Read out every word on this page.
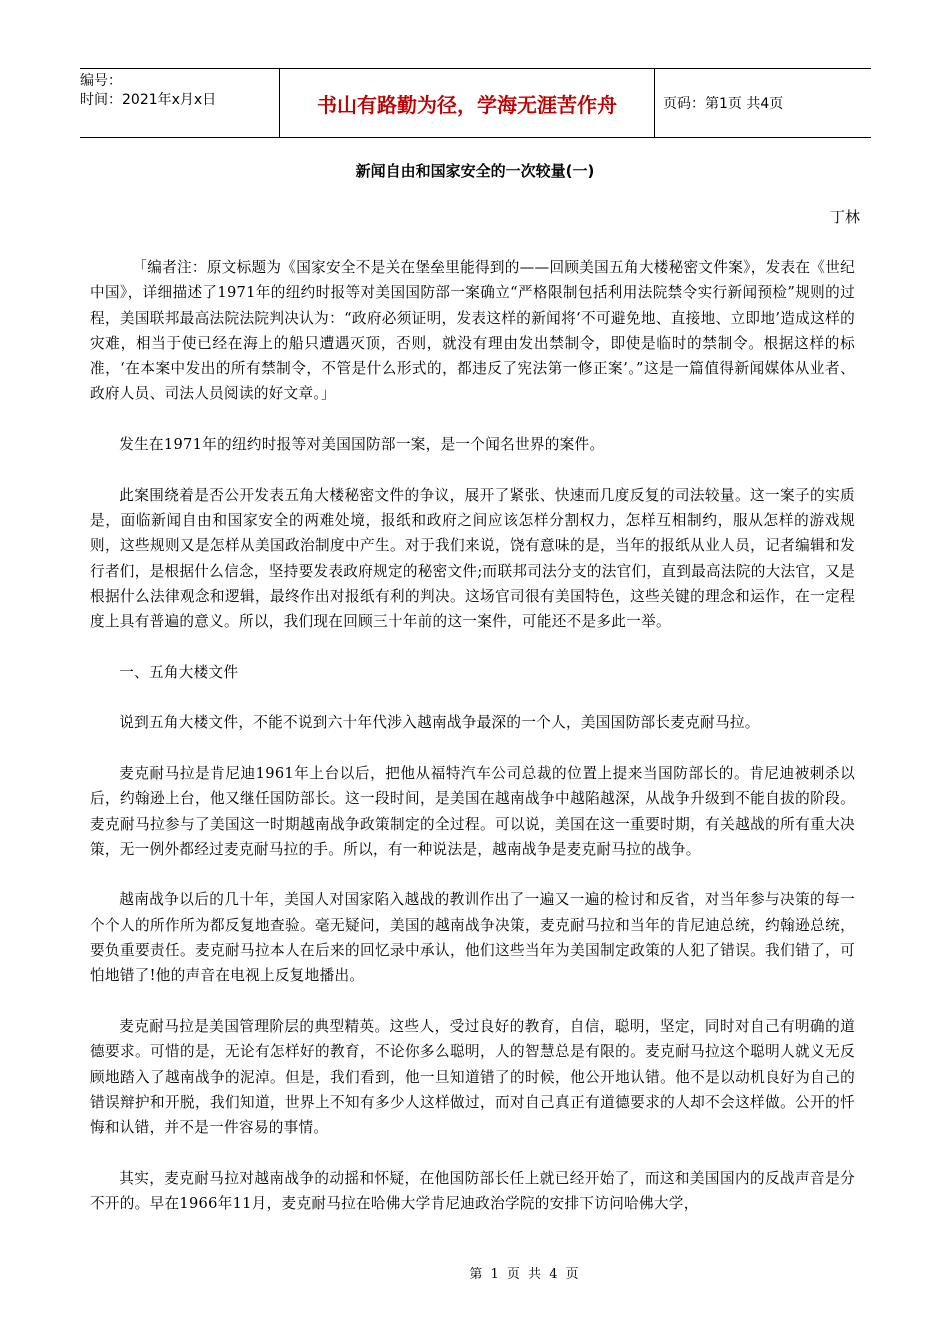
编号：
时间：2021年x月x日	书山有路勤为径，学海无涯苦作舟	页码：第1页 共4页
新闻自由和国家安全的一次较量(一)
丁林

「编者注：原文标题为《国家安全不是关在堡垒里能得到的——回顾美国五角大楼秘密文件案》，发表在《世纪中国》，详细描述了1971年的纽约时报等对美国国防部一案确立“严格限制包括利用法院禁令实行新闻预检”规则的过程，美国联邦最高法院法院判决认为：“政府必须证明，发表这样的新闻将‘不可避免地、直接地、立即地’造成这样的灾难，相当于使已经在海上的船只遭遇灭顶，否则，就没有理由发出禁制令，即使是临时的禁制令。根据这样的标准，‘在本案中发出的所有禁制令，不管是什么形式的，都违反了宪法第一修正案’。”这是一篇值得新闻媒体从业者、政府人员、司法人员阅读的好文章。」

发生在1971年的纽约时报等对美国国防部一案，是一个闻名世界的案件。

此案围绕着是否公开发表五角大楼秘密文件的争议，展开了紧张、快速而几度反复的司法较量。这一案子的实质是，面临新闻自由和国家安全的两难处境，报纸和政府之间应该怎样分割权力，怎样互相制约，服从怎样的游戏规则，这些规则又是怎样从美国政治制度中产生。对于我们来说，饶有意味的是，当年的报纸从业人员，记者编辑和发行者们，是根据什么信念，坚持要发表政府规定的秘密文件;而联邦司法分支的法官们，直到最高法院的大法官，又是根据什么法律观念和逻辑，最终作出对报纸有利的判决。这场官司很有美国特色，这些关键的理念和运作，在一定程度上具有普遍的意义。所以，我们现在回顾三十年前的这一案件，可能还不是多此一举。

一、五角大楼文件

说到五角大楼文件，不能不说到六十年代涉入越南战争最深的一个人，美国国防部长麦克耐马拉。

麦克耐马拉是肯尼迪1961年上台以后，把他从福特汽车公司总裁的位置上提来当国防部长的。肯尼迪被刺杀以后，约翰逊上台，他又继任国防部长。这一段时间，是美国在越南战争中越陷越深，从战争升级到不能自拔的阶段。麦克耐马拉参与了美国这一时期越南战争政策制定的全过程。可以说，美国在这一重要时期，有关越战的所有重大决策，无一例外都经过麦克耐马拉的手。所以，有一种说法是，越南战争是麦克耐马拉的战争。

越南战争以后的几十年，美国人对国家陷入越战的教训作出了一遍又一遍的检讨和反省，对当年参与决策的每一个个人的所作所为都反复地查验。毫无疑问，美国的越南战争决策，麦克耐马拉和当年的肯尼迪总统，约翰逊总统，要负重要责任。麦克耐马拉本人在后来的回忆录中承认，他们这些当年为美国制定政策的人犯了错误。我们错了，可怕地错了!他的声音在电视上反复地播出。

麦克耐马拉是美国管理阶层的典型精英。这些人，受过良好的教育，自信，聪明，坚定，同时对自己有明确的道德要求。可惜的是，无论有怎样好的教育，不论你多么聪明，人的智慧总是有限的。麦克耐马拉这个聪明人就义无反顾地踏入了越南战争的泥淖。但是，我们看到，他一旦知道错了的时候，他公开地认错。他不是以动机良好为自己的错误辩护和开脱，我们知道，世界上不知有多少人这样做过，而对自己真正有道德要求的人却不会这样做。公开的忏悔和认错，并不是一件容易的事情。

其实，麦克耐马拉对越南战争的动摇和怀疑，在他国防部长任上就已经开始了，而这和美国国内的反战声音是分不开的。早在1966年11月，麦克耐马拉在哈佛大学肯尼迪政治学院的安排下访问哈佛大学，

第 1 页 共 4 页
